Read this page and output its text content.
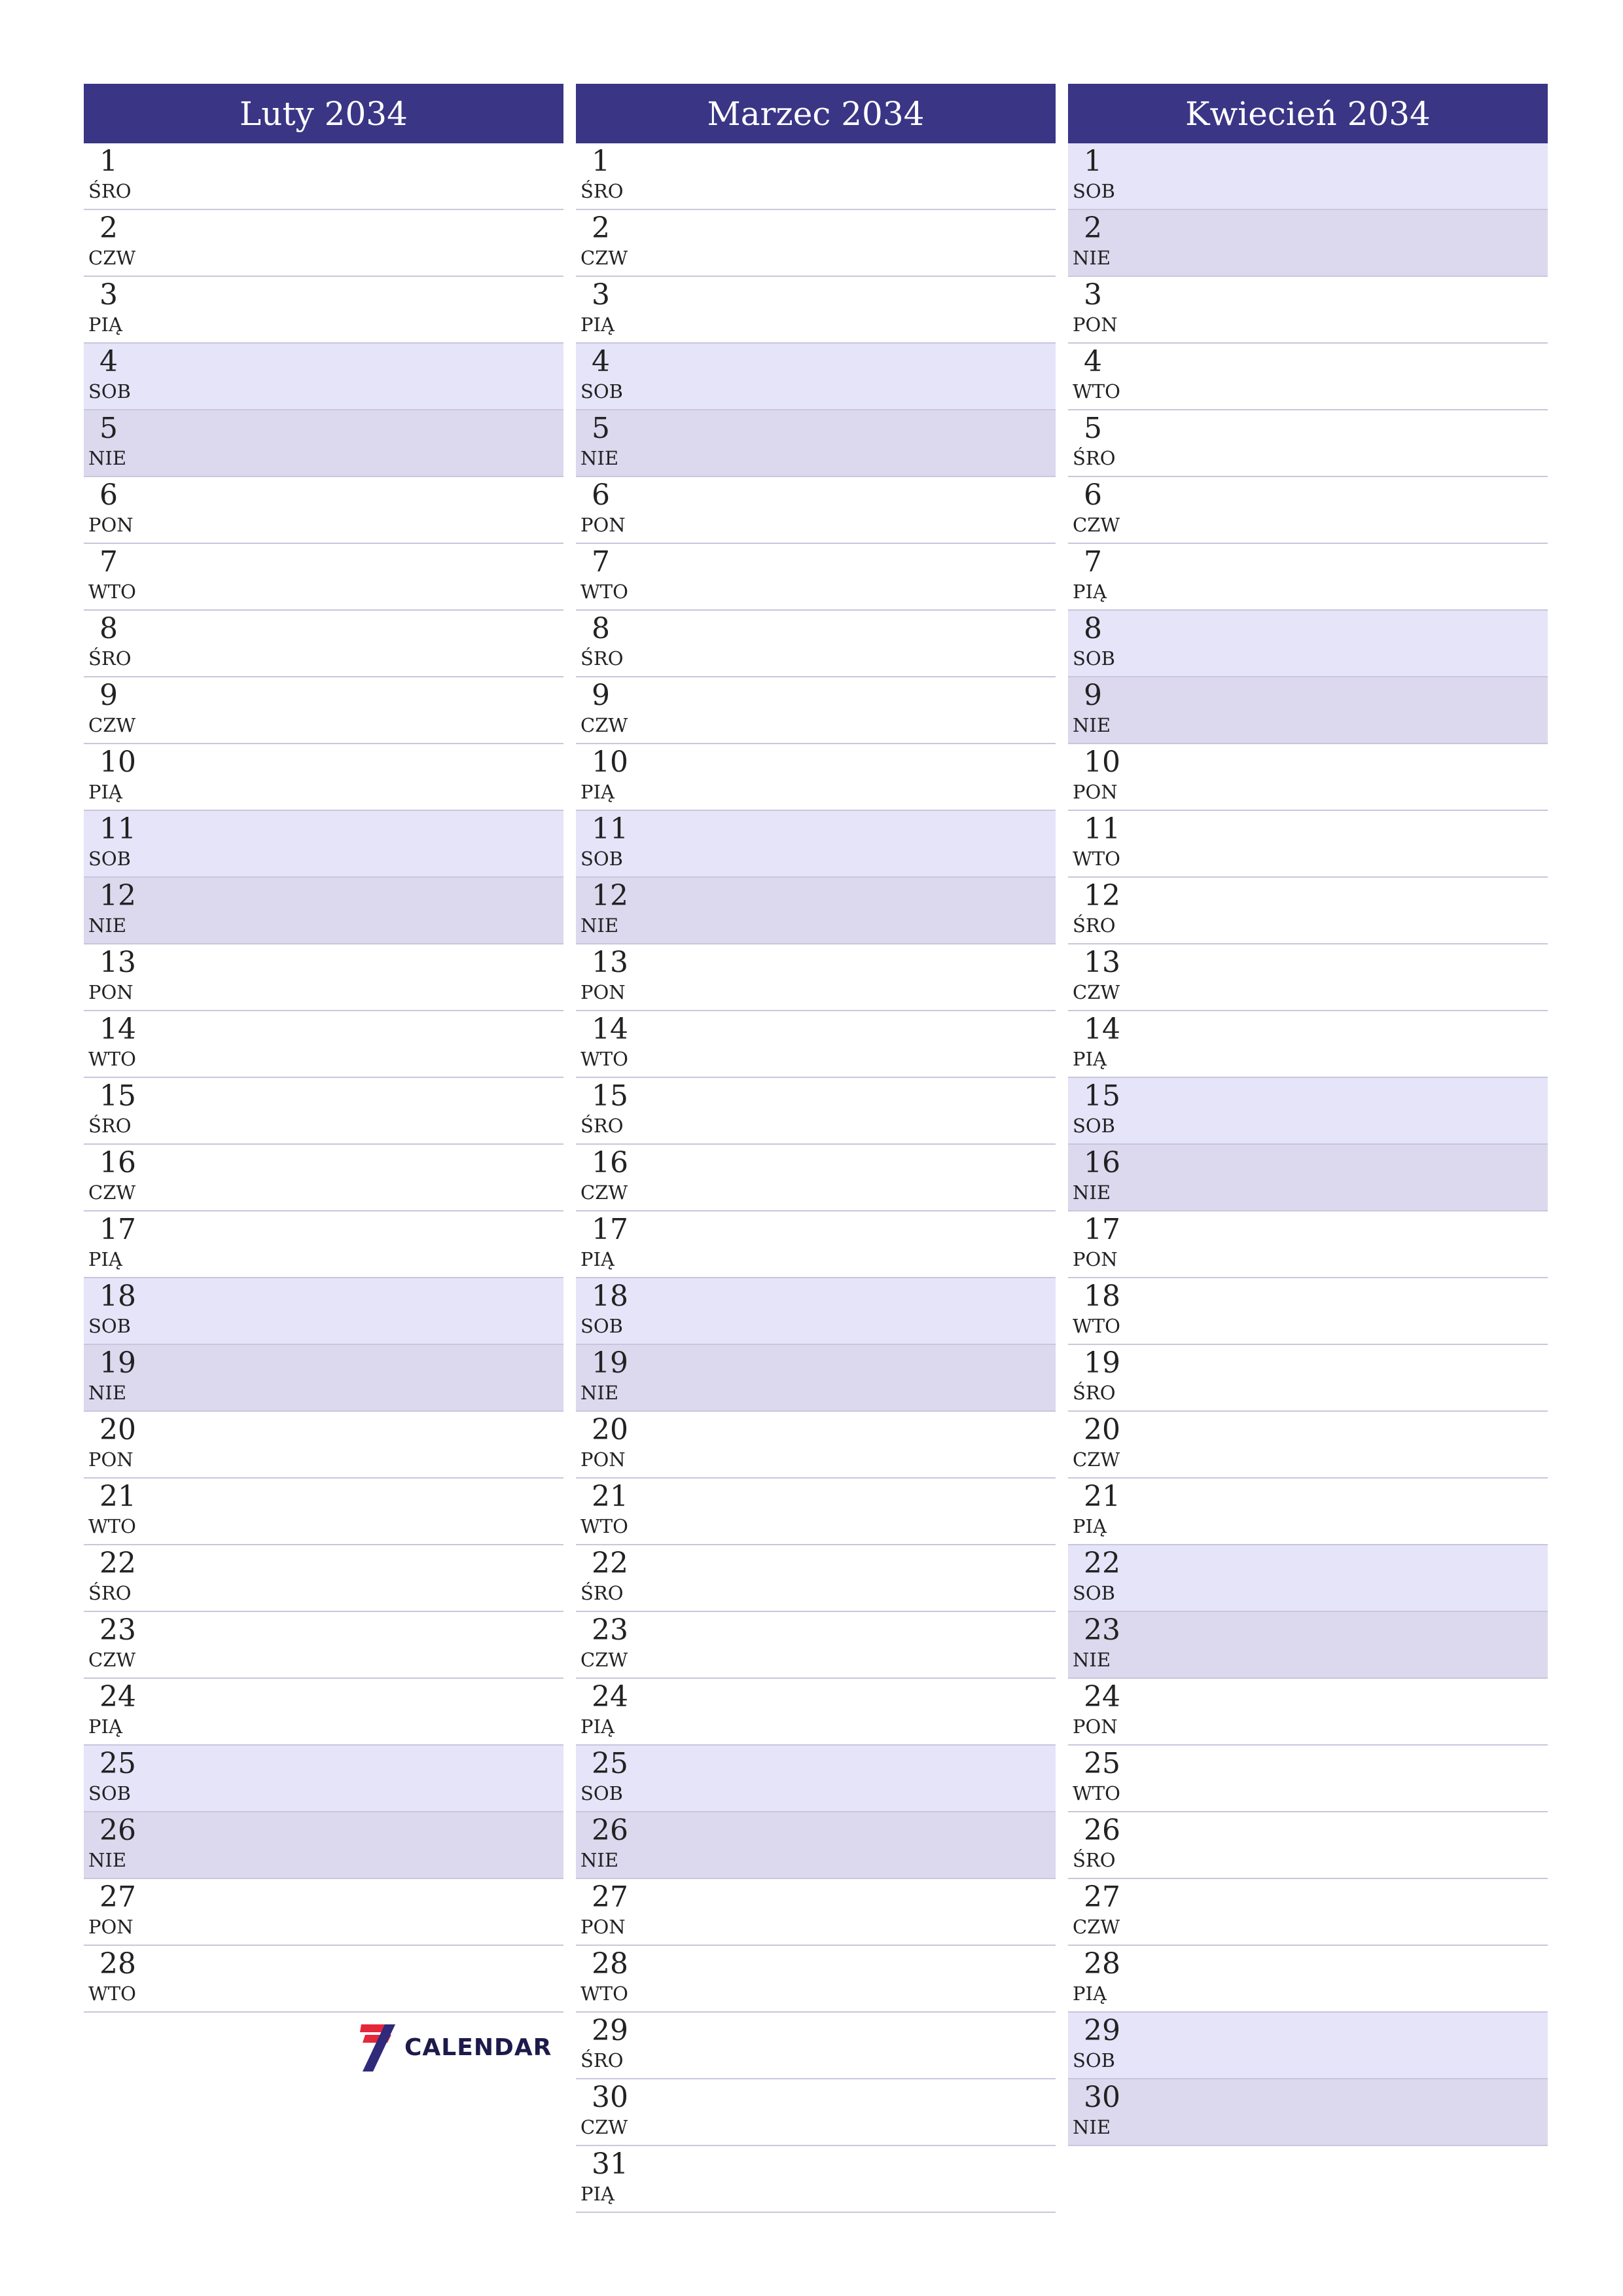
Luty 2034
1
ŚRO
2
CZW
3
PIĄ
4
SOB
5
NIE
6
PON
7
WTO
8
ŚRO
9
CZW
10
PIĄ
11
SOB
12
NIE
13
PON
14
WTO
15
ŚRO
16
CZW
17
PIĄ
18
SOB
19
NIE
20
PON
21
WTO
22
ŚRO
23
CZW
24
PIĄ
25
SOB
26
NIE
27
PON
28
WTO
Marzec 2034
1
ŚRO
2
CZW
3
PIĄ
4
SOB
5
NIE
6
PON
7
WTO
8
ŚRO
9
CZW
10
PIĄ
11
SOB
12
NIE
13
PON
14
WTO
15
ŚRO
16
CZW
17
PIĄ
18
SOB
19
NIE
20
PON
21
WTO
22
ŚRO
23
CZW
24
PIĄ
25
SOB
26
NIE
27
PON
28
WTO
29
ŚRO
30
CZW
31
PIĄ
Kwiecień 2034
1
SOB
2
NIE
3
PON
4
WTO
5
ŚRO
6
CZW
7
PIĄ
8
SOB
9
NIE
10
PON
11
WTO
12
ŚRO
13
CZW
14
PIĄ
15
SOB
16
NIE
17
PON
18
WTO
19
ŚRO
20
CZW
21
PIĄ
22
SOB
23
NIE
24
PON
25
WTO
26
ŚRO
27
CZW
28
PIĄ
29
SOB
30
NIE
CALENDAR
